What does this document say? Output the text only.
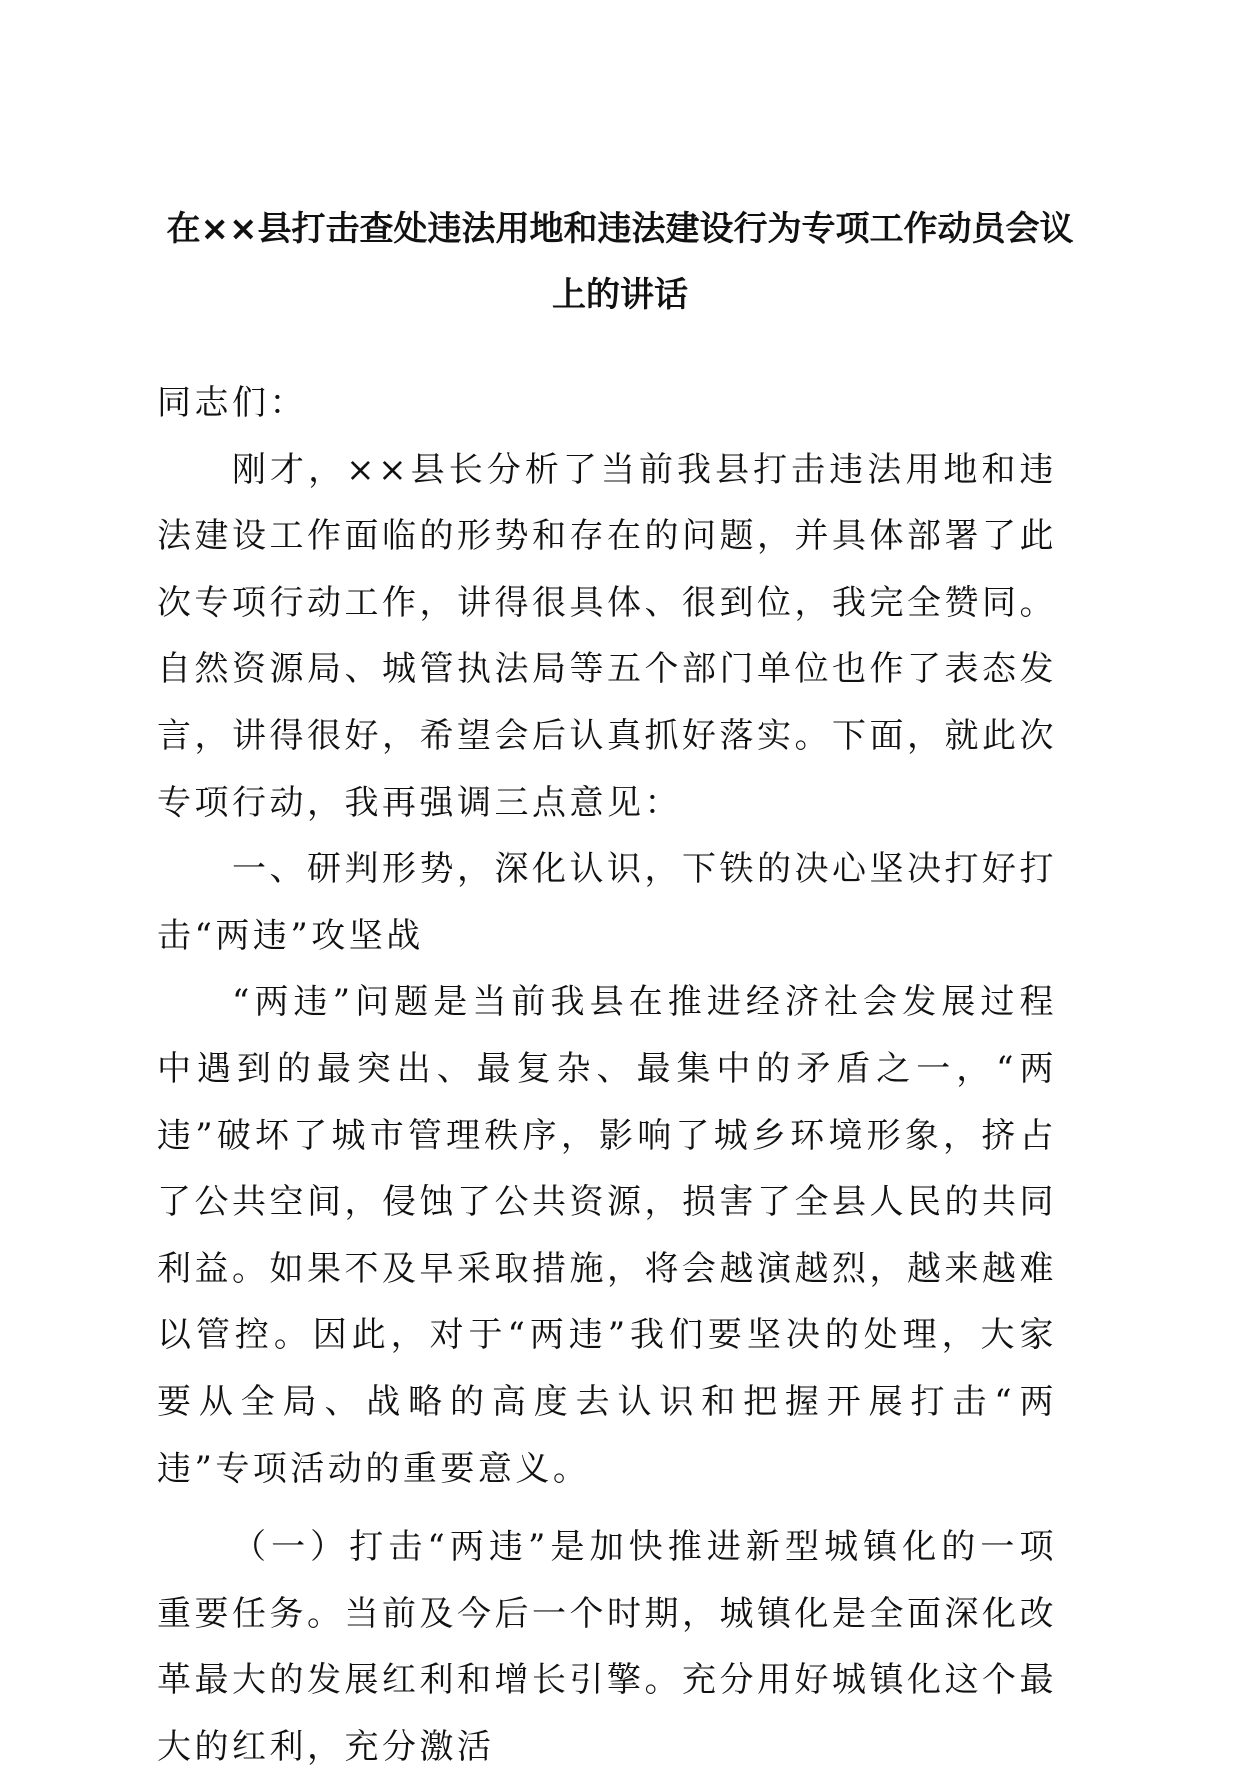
在××县打击查处违法用地和违法建设行为专项工作动员会议
上的讲话

同志们：

刚才，××县长分析了当前我县打击违法用地和违法建设工作面临的形势和存在的问题，并具体部署了此次专项行动工作，讲得很具体、很到位，我完全赞同。自然资源局、城管执法局等五个部门单位也作了表态发言，讲得很好，希望会后认真抓好落实。下面，就此次专项行动，我再强调三点意见：

一、研判形势，深化认识，下铁的决心坚决打好打击“两违”攻坚战

“两违”问题是当前我县在推进经济社会发展过程中遇到的最突出、最复杂、最集中的矛盾之一，“两违”破坏了城市管理秩序，影响了城乡环境形象，挤占了公共空间，侵蚀了公共资源，损害了全县人民的共同利益。如果不及早采取措施，将会越演越烈，越来越难以管控。因此，对于“两违”我们要坚决的处理，大家要从全局、战略的高度去认识和把握开展打击“两违”专项活动的重要意义。

（一）打击“两违”是加快推进新型城镇化的一项重要任务。当前及今后一个时期，城镇化是全面深化改革最大的发展红利和增长引擎。充分用好城镇化这个最大的红利，充分激活
